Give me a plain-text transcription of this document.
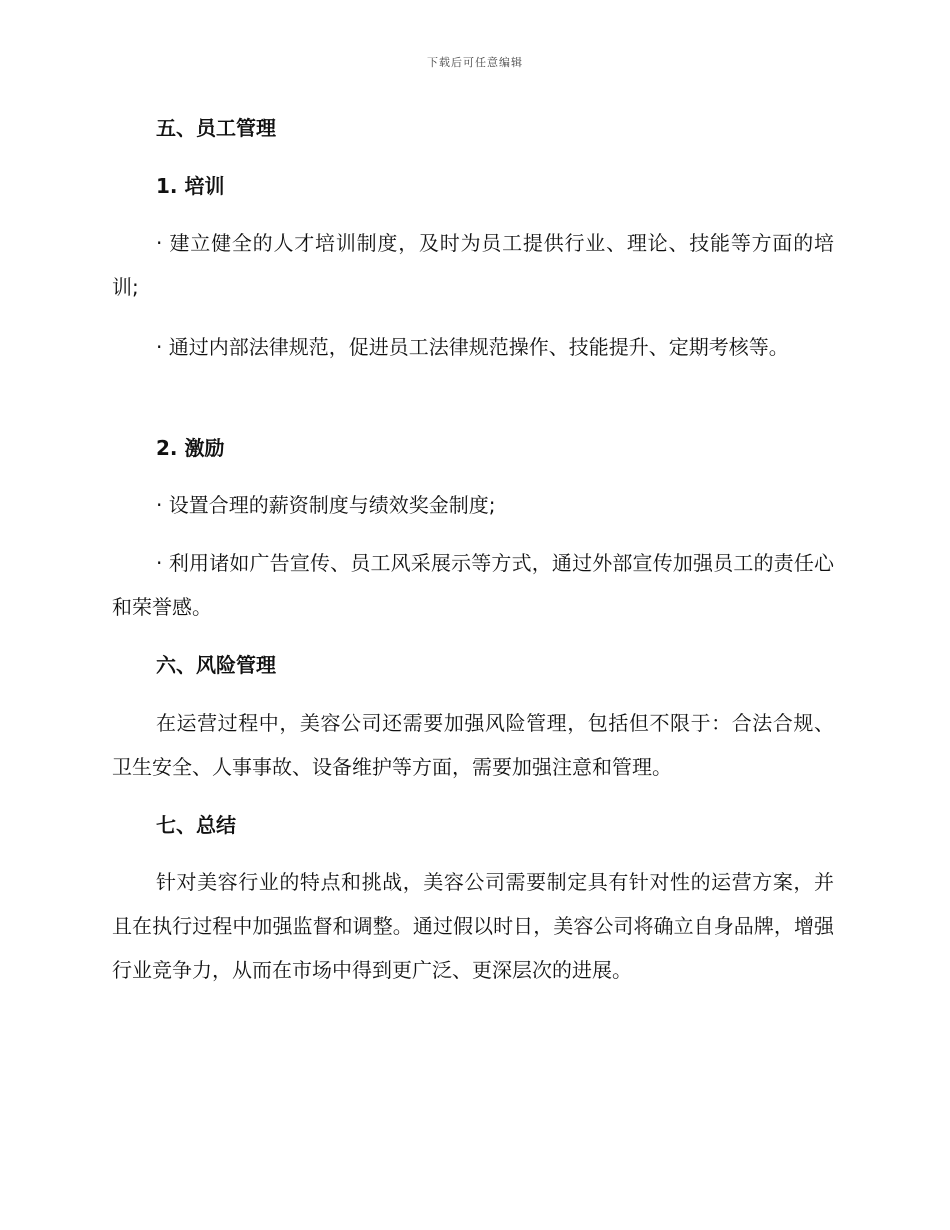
下载后可任意编辑
五、员工管理
1. 培训
· 建立健全的人才培训制度，及时为员工提供行业、理论、技能等方面的培训;
· 通过内部法律规范，促进员工法律规范操作、技能提升、定期考核等。
2. 激励
· 设置合理的薪资制度与绩效奖金制度;
· 利用诸如广告宣传、员工风采展示等方式，通过外部宣传加强员工的责任心和荣誉感。
六、风险管理
在运营过程中，美容公司还需要加强风险管理，包括但不限于：合法合规、卫生安全、人事事故、设备维护等方面，需要加强注意和管理。
七、总结
针对美容行业的特点和挑战，美容公司需要制定具有针对性的运营方案，并且在执行过程中加强监督和调整。通过假以时日，美容公司将确立自身品牌，增强行业竞争力，从而在市场中得到更广泛、更深层次的进展。
